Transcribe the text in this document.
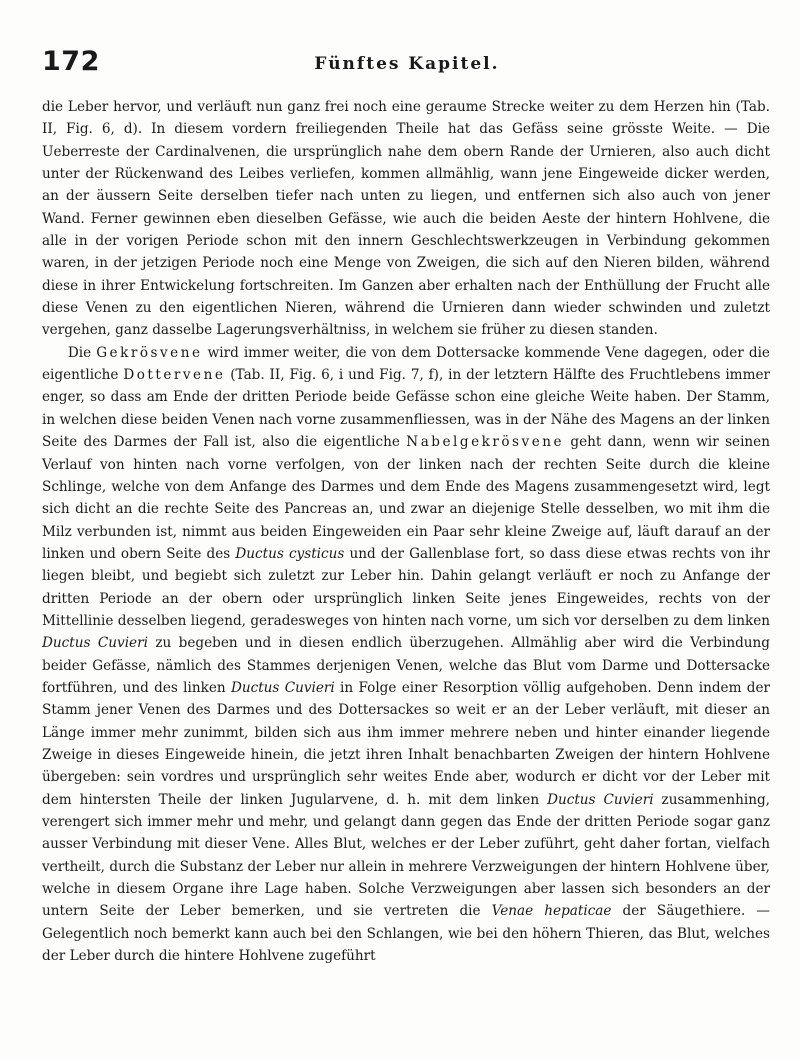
172	Fünftes Kapitel.

die Leber hervor, und verläuft nun ganz frei noch eine geraume Strecke weiter zu dem Herzen hin (Tab. II, Fig. 6, d). In diesem vordern freiliegenden Theile hat das Gefäss seine grösste Weite. — Die Ueberreste der Cardinalvenen, die ursprünglich nahe dem obern Rande der Urnieren, also auch dicht unter der Rückenwand des Leibes verliefen, kommen allmählig, wann jene Eingeweide dicker werden, an der äussern Seite derselben tiefer nach unten zu liegen, und entfernen sich also auch von jener Wand. Ferner gewinnen eben dieselben Gefässe, wie auch die beiden Aeste der hintern Hohlvene, die alle in der vorigen Periode schon mit den innern Geschlechtswerkzeugen in Verbindung gekommen waren, in der jetzigen Periode noch eine Menge von Zweigen, die sich auf den Nieren bilden, während diese in ihrer Entwickelung fortschreiten. Im Ganzen aber erhalten nach der Enthüllung der Frucht alle diese Venen zu den eigentlichen Nieren, während die Urnieren dann wieder schwinden und zuletzt vergehen, ganz dasselbe Lagerungsverhältniss, in welchem sie früher zu diesen standen.

Die Gekrösvene wird immer weiter, die von dem Dottersacke kommende Vene dagegen, oder die eigentliche Dottervene (Tab. II, Fig. 6, i und Fig. 7, f), in der letztern Hälfte des Fruchtlebens immer enger, so dass am Ende der dritten Periode beide Gefässe schon eine gleiche Weite haben. Der Stamm, in welchen diese beiden Venen nach vorne zusammenfliessen, was in der Nähe des Magens an der linken Seite des Darmes der Fall ist, also die eigentliche Nabelgekrösvene geht dann, wenn wir seinen Verlauf von hinten nach vorne verfolgen, von der linken nach der rechten Seite durch die kleine Schlinge, welche von dem Anfange des Darmes und dem Ende des Magens zusammengesetzt wird, legt sich dicht an die rechte Seite des Pancreas an, und zwar an diejenige Stelle desselben, wo mit ihm die Milz verbunden ist, nimmt aus beiden Eingeweiden ein Paar sehr kleine Zweige auf, läuft darauf an der linken und obern Seite des Ductus cysticus und der Gallenblase fort, so dass diese etwas rechts von ihr liegen bleibt, und begiebt sich zuletzt zur Leber hin. Dahin gelangt verläuft er noch zu Anfange der dritten Periode an der obern oder ursprünglich linken Seite jenes Eingeweides, rechts von der Mittellinie desselben liegend, geradesweges von hinten nach vorne, um sich vor derselben zu dem linken Ductus Cuvieri zu begeben und in diesen endlich überzugehen. Allmählig aber wird die Verbindung beider Gefässe, nämlich des Stammes derjenigen Venen, welche das Blut vom Darme und Dottersacke fortführen, und des linken Ductus Cuvieri in Folge einer Resorption völlig aufgehoben. Denn indem der Stamm jener Venen des Darmes und des Dottersackes so weit er an der Leber verläuft, mit dieser an Länge immer mehr zunimmt, bilden sich aus ihm immer mehrere neben und hinter einander liegende Zweige in dieses Eingeweide hinein, die jetzt ihren Inhalt benachbarten Zweigen der hintern Hohlvene übergeben: sein vordres und ursprünglich sehr weites Ende aber, wodurch er dicht vor der Leber mit dem hintersten Theile der linken Jugularvene, d. h. mit dem linken Ductus Cuvieri zusammenhing, verengert sich immer mehr und mehr, und gelangt dann gegen das Ende der dritten Periode sogar ganz ausser Verbindung mit dieser Vene. Alles Blut, welches er der Leber zuführt, geht daher fortan, vielfach vertheilt, durch die Substanz der Leber nur allein in mehrere Verzweigungen der hintern Hohlvene über, welche in diesem Organe ihre Lage haben. Solche Verzweigungen aber lassen sich besonders an der untern Seite der Leber bemerken, und sie vertreten die Venae hepaticae der Säugethiere. — Gelegentlich noch bemerkt kann auch bei den Schlangen, wie bei den höhern Thieren, das Blut, welches der Leber durch die hintere Hohlvene zugeführt
